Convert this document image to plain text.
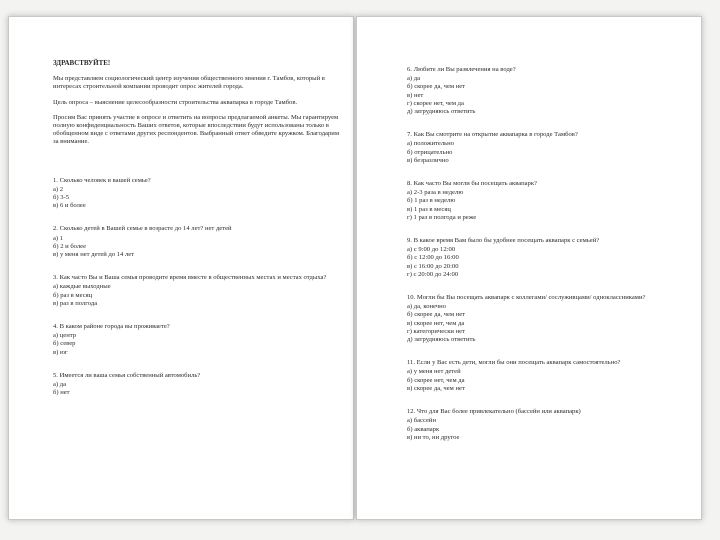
ЗДРАВСТВУЙТЕ!
Мы представляем социологический центр изучения общественного мнения г. Тамбов, который в интересах строительной компании проводит опрос жителей города.
Цель опроса – выяснение целесообразности строительства аквапарка в городе Тамбов.
Просим Вас принять участие в опросе и ответить на вопросы предлагаемой анкеты. Мы гарантируем полную конфиденциальность Ваших ответов, которые впоследствии будут использованы только в обобщенном виде с ответами других респондентов. Выбранный ответ обведите кружком. Благодарим за внимание.
1. Сколько человек в вашей семье?
а) 2
б) 3-5
в) 6 и более
2. Сколько детей в Вашей семье в возрасте до 14 лет? нет детей
а) 1
б) 2 и более
в) у меня нет детей до 14 лет
3. Как часто Вы и Ваша семья проводите время вместе в общественных местах и местах отдыха?
а) каждые выходные
б) раз в месяц
в) раз в полгода
4. В каком районе города вы проживаете?
а) центр
б) север
в) юг
5. Имеется ли ваша семья собственный автомобиль?
а) да
б) нет
6. Любите ли Вы развлечения на воде?
а) да
б) скорее да, чем нет
в) нет
г) скорее нет, чем да
д) затрудняюсь ответить
7. Как Вы смотрите на открытие аквапарка в городе Тамбов?
а) положительно
б) отрицательно
в) безразлично
8. Как часто Вы могли бы посещать аквапарк?
а) 2-3 раза в неделю
б) 1 раз в неделю
в) 1 раз в месяц
г) 1 раз в полгода и реже
9. В какое время Вам было бы удобнее посещать аквапарк с семьей?
а) с 9:00 до 12:00
б) с 12:00 до 16:00
в) с 16:00 до 20:00
г) с 20:00 до 24:00
10. Могли бы Вы посещать аквапарк с коллегами/ сослуживцами/ одноклассниками?
а) да, конечно
б) скорее да, чем нет
в) скорее нет, чем да
г) категорически нет
д) затрудняюсь ответить
11. Если у Вас есть дети, могли бы они посещать аквапарк самостоятельно?
а) у меня нет детей
б) скорее нет, чем да
в) скорее да, чем нет
12. Что для Вас более привлекательно (бассейн или аквапарк)
а) бассейн
б) аквапарк
в) ни то, ни другое
